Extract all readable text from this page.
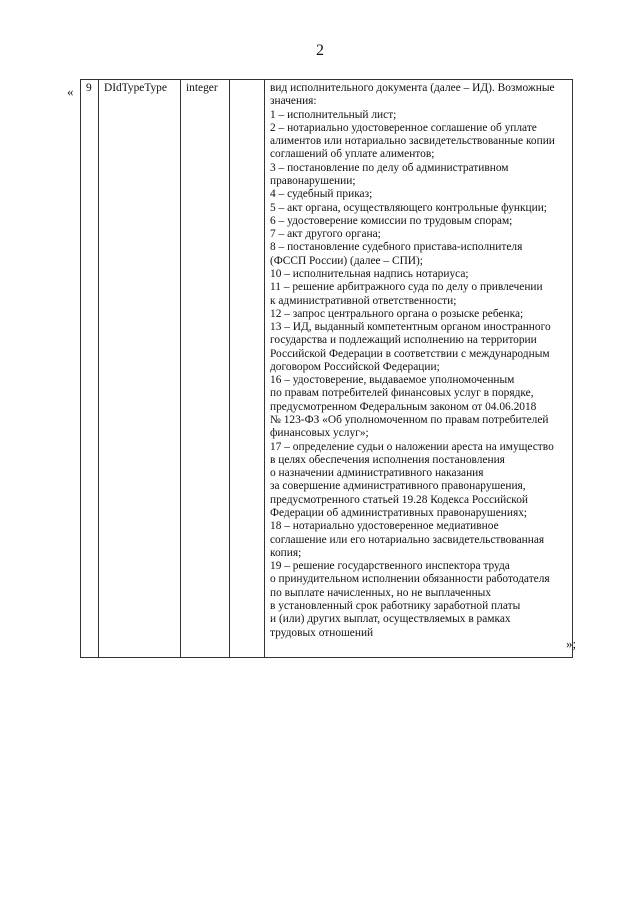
2
« 9	DIdTypeType	integer		вид исполнительного документа (далее – ИД). Возможные
значения:
1 – исполнительный лист;
2 – нотариально удостоверенное соглашение об уплате
алиментов или нотариально засвидетельствованные копии
соглашений об уплате алиментов;
3 – постановление по делу об административном
правонарушении;
4 – судебный приказ;
5 – акт органа, осуществляющего контрольные функции;
6 – удостоверение комиссии по трудовым спорам;
7 – акт другого органа;
8 – постановление судебного пристава-исполнителя
(ФССП России) (далее – СПИ);
10 – исполнительная надпись нотариуса;
11 – решение арбитражного суда по делу о привлечении
к административной ответственности;
12 – запрос центрального органа о розыске ребенка;
13 – ИД, выданный компетентным органом иностранного
государства и подлежащий исполнению на территории
Российской Федерации в соответствии с международным
договором Российской Федерации;
16 – удостоверение, выдаваемое уполномоченным
по правам потребителей финансовых услуг в порядке,
предусмотренном Федеральным законом от 04.06.2018
№ 123-ФЗ «Об уполномоченном по правам потребителей
финансовых услуг»;
17 – определение судьи о наложении ареста на имущество
в целях обеспечения исполнения постановления
о назначении административного наказания
за совершение административного правонарушения,
предусмотренного статьей 19.28 Кодекса Российской
Федерации об административных правонарушениях;
18 – нотариально удостоверенное медиативное
соглашение или его нотариально засвидетельствованная
копия;
19 – решение государственного инспектора труда
о принудительном исполнении обязанности работодателя
по выплате начисленных, но не выплаченных
в установленный срок работнику заработной платы
и (или) других выплат, осуществляемых в рамках
трудовых отношений
»;
